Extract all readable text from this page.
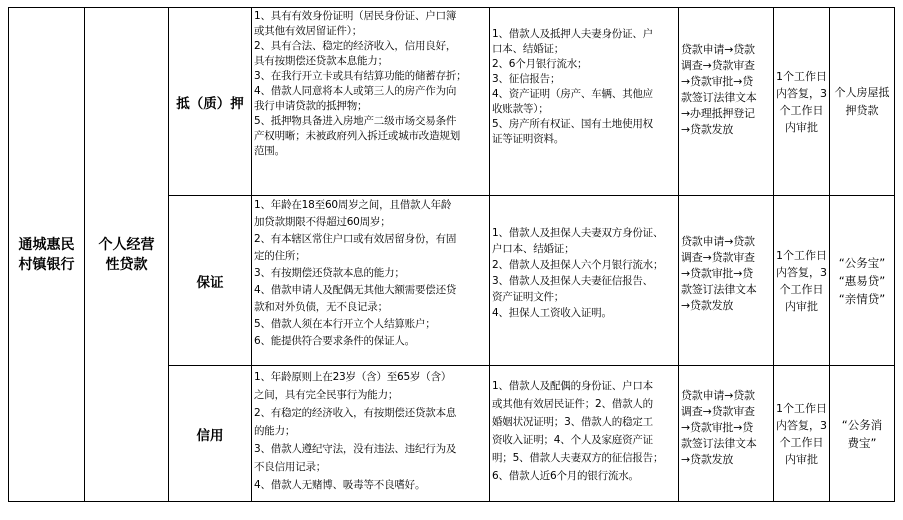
通城惠民村镇银行
个人经营性贷款
抵（质）押
1、具有有效身份证明（居民身份证、户口簿
或其他有效居留证件）；
2、具有合法、稳定的经济收入，信用良好，
具有按期偿还贷款本息能力；
3、在我行开立卡或具有结算功能的储蓄存折；
4、借款人同意将本人或第三人的房产作为向
我行申请贷款的抵押物；
5、抵押物具备进入房地产二级市场交易条件
产权明晰；未被政府列入拆迁或城市改造规划
范围。
1、借款人及抵押人夫妻身份证、户
口本、结婚证；
2、6个月银行流水；
3、征信报告；
4、资产证明（房产、车辆、其他应
收账款等）；
5、房产所有权证、国有土地使用权
证等证明资料。
贷款申请→贷款
调查→贷款审查
→贷款审批→贷
款签订法律文本
→办理抵押登记
→贷款发放
1个工作日
内答复，3
个工作日
内审批
个人房屋抵
押贷款
保证
1、年龄在18至60周岁之间，且借款人年龄
加贷款期限不得超过60周岁；
2、有本辖区常住户口或有效居留身份，有固
定的住所；
3、有按期偿还贷款本息的能力；
4、借款申请人及配偶无其他大额需要偿还贷
款和对外负债，无不良记录；
5、借款人须在本行开立个人结算账户；
6、能提供符合要求条件的保证人。
1、借款人及担保人夫妻双方身份证、
户口本、结婚证；
2、借款人及担保人六个月银行流水；
3、借款人及担保人夫妻征信报告、
资产证明文件；
4、担保人工资收入证明。
贷款申请→贷款
调查→贷款审查
→贷款审批→贷
款签订法律文本
→贷款发放
1个工作日
内答复，3
个工作日
内审批
“公务宝”
“惠易贷”
“亲情贷”
信用
1、年龄原则上在23岁（含）至65岁（含）
之间，具有完全民事行为能力；
2、有稳定的经济收入，有按期偿还贷款本息
的能力；
3、借款人遵纪守法，没有违法、违纪行为及
不良信用记录；
4、借款人无赌博、吸毒等不良嗜好。
1、借款人及配偶的身份证、户口本
或其他有效居民证件；2、借款人的
婚姻状况证明；3、借款人的稳定工
资收入证明；4、个人及家庭资产证
明；5、借款人夫妻双方的征信报告；
6、借款人近6个月的银行流水。
贷款申请→贷款
调查→贷款审查
→贷款审批→贷
款签订法律文本
→贷款发放
1个工作日
内答复，3
个工作日
内审批
“公务消
费宝”
